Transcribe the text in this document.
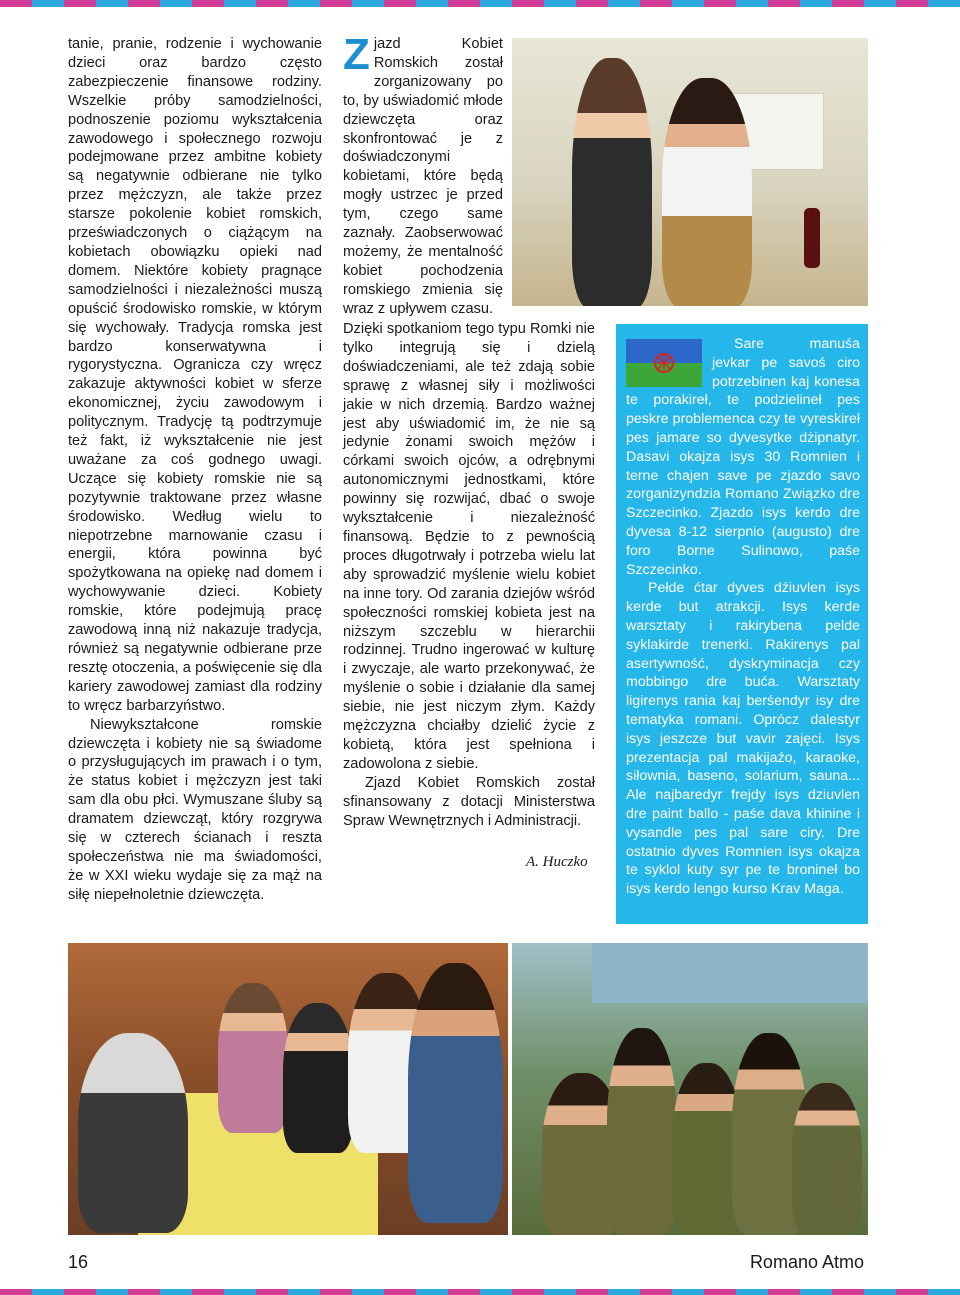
tanie, pranie, rodzenie i wychowanie dzieci oraz bardzo często zabezpieczenie finansowe rodziny. Wszelkie próby samodzielności, podnoszenie poziomu wykształcenia zawodowego i społecznego rozwoju podejmowane przez ambitne kobiety są negatywnie odbierane nie tylko przez mężczyzn, ale także przez starsze pokolenie kobiet romskich, przeświadczonych o ciążącym na kobietach obowiązku opieki nad domem. Niektóre kobiety pragnące samodzielności i niezależności muszą opuścić środowisko romskie, w którym się wychowały. Tradycja romska jest bardzo konserwatywna i rygorystyczna. Ogranicza czy wręcz zakazuje aktywności kobiet w sferze ekonomicznej, życiu zawodowym i politycznym. Tradycję tą podtrzymuje też fakt, iż wykształcenie nie jest uważane za coś godnego uwagi. Uczące się kobiety romskie nie są pozytywnie traktowane przez własne środowisko. Według wielu to niepotrzebne marnowanie czasu i energii, która powinna być spożytkowana na opiekę nad domem i wychowywanie dzieci. Kobiety romskie, które podejmują pracę zawodową inną niż nakazuje tradycja, również są negatywnie odbierane prze resztę otoczenia, a poświęcenie się dla kariery zawodowej zamiast dla rodziny to wręcz barbarzyństwo.

Niewykształcone romskie dziewczęta i kobiety nie są świadome o przysługujących im prawach i o tym, że status kobiet i mężczyzn jest taki sam dla obu płci. Wymuszane śluby są dramatem dziewcząt, który rozgrywa się w czterech ścianach i reszta społeczeństwa nie ma świadomości, że w XXI wieku wydaje się za mąż na siłę niepełnoletnie dziewczęta.

Z jazd Kobiet Romskich został zorganizowany po to, by uświadomić młode dziewczęta oraz skonfrontować je z doświadczonymi kobietami, które będą mogły ustrzec je przed tym, czego same zaznały. Zaobserwować możemy, że mentalność kobiet pochodzenia romskiego zmienia się wraz z upływem czasu.

Dzięki spotkaniom tego typu Romki nie tylko integrują się i dzielą doświadczeniami, ale też zdają sobie sprawę z własnej siły i możliwości jakie w nich drzemią. Bardzo ważnej jest aby uświadomić im, że nie są jedynie żonami swoich mężów i córkami swoich ojców, a odrębnymi autonomicznymi jednostkami, które powinny się rozwijać, dbać o swoje wykształcenie i niezależność finansową. Będzie to z pewnością proces długotrwały i potrzeba wielu lat aby sprowadzić myślenie wielu kobiet na inne tory. Od zarania dziejów wśród społeczności romskiej kobieta jest na niższym szczeblu w hierarchii rodzinnej. Trudno ingerować w kulturę i zwyczaje, ale warto przekonywać, że myślenie o sobie i działanie dla samej siebie, nie jest niczym złym. Każdy mężczyzna chciałby dzielić życie z kobietą, która jest spełniona i zadowolona z siebie.

Zjazd Kobiet Romskich został sfinansowany z dotacji Ministerstwa Spraw Wewnętrznych i Administracji.

A. Huczko

Sare manuśa jevkar pe savoś ciro potrzebinen kaj konesa te porakireł, te podzielineł pes peskre problemenca czy te vyreskireł pes jamare so dyvesytke dżipnatyr. Dasavi okajza isys 30 Romnien i terne chajen save pe zjazdo savo zorganizyndzia Romano Związko dre Szczecinko. Zjazdo isys kerdo dre dyvesa 8-12 sierpnio (augusto) dre foro Borne Sulinowo, paśe Szczecinko.

Pełde ćtar dyves dźiuvlen isys kerde but atrakcji. Isys kerde warsztaty i rakirybena pelde syklakirde trenerki. Rakirenys pal asertywność, dyskryminacja czy mobbingo dre buća. Warsztaty ligirenys rania kaj berśendyr isy dre tematyka romani. Oprócz dalestyr isys jeszcze but vavir zajęci. Isys prezentacja pal makijaźo, karaoke, siłownia, baseno, solarium, sauna... Ale najbaredyr frejdy isys dziuvlen dre paint ballo - paśe dava khinine i vysandle pes pal sare ciry. Dre ostatnio dyves Romnien isys okajza te syklol kuty syr pe te bronineł bo isys kerdo lengo kurso Krav Maga.

16	Romano Atmo
